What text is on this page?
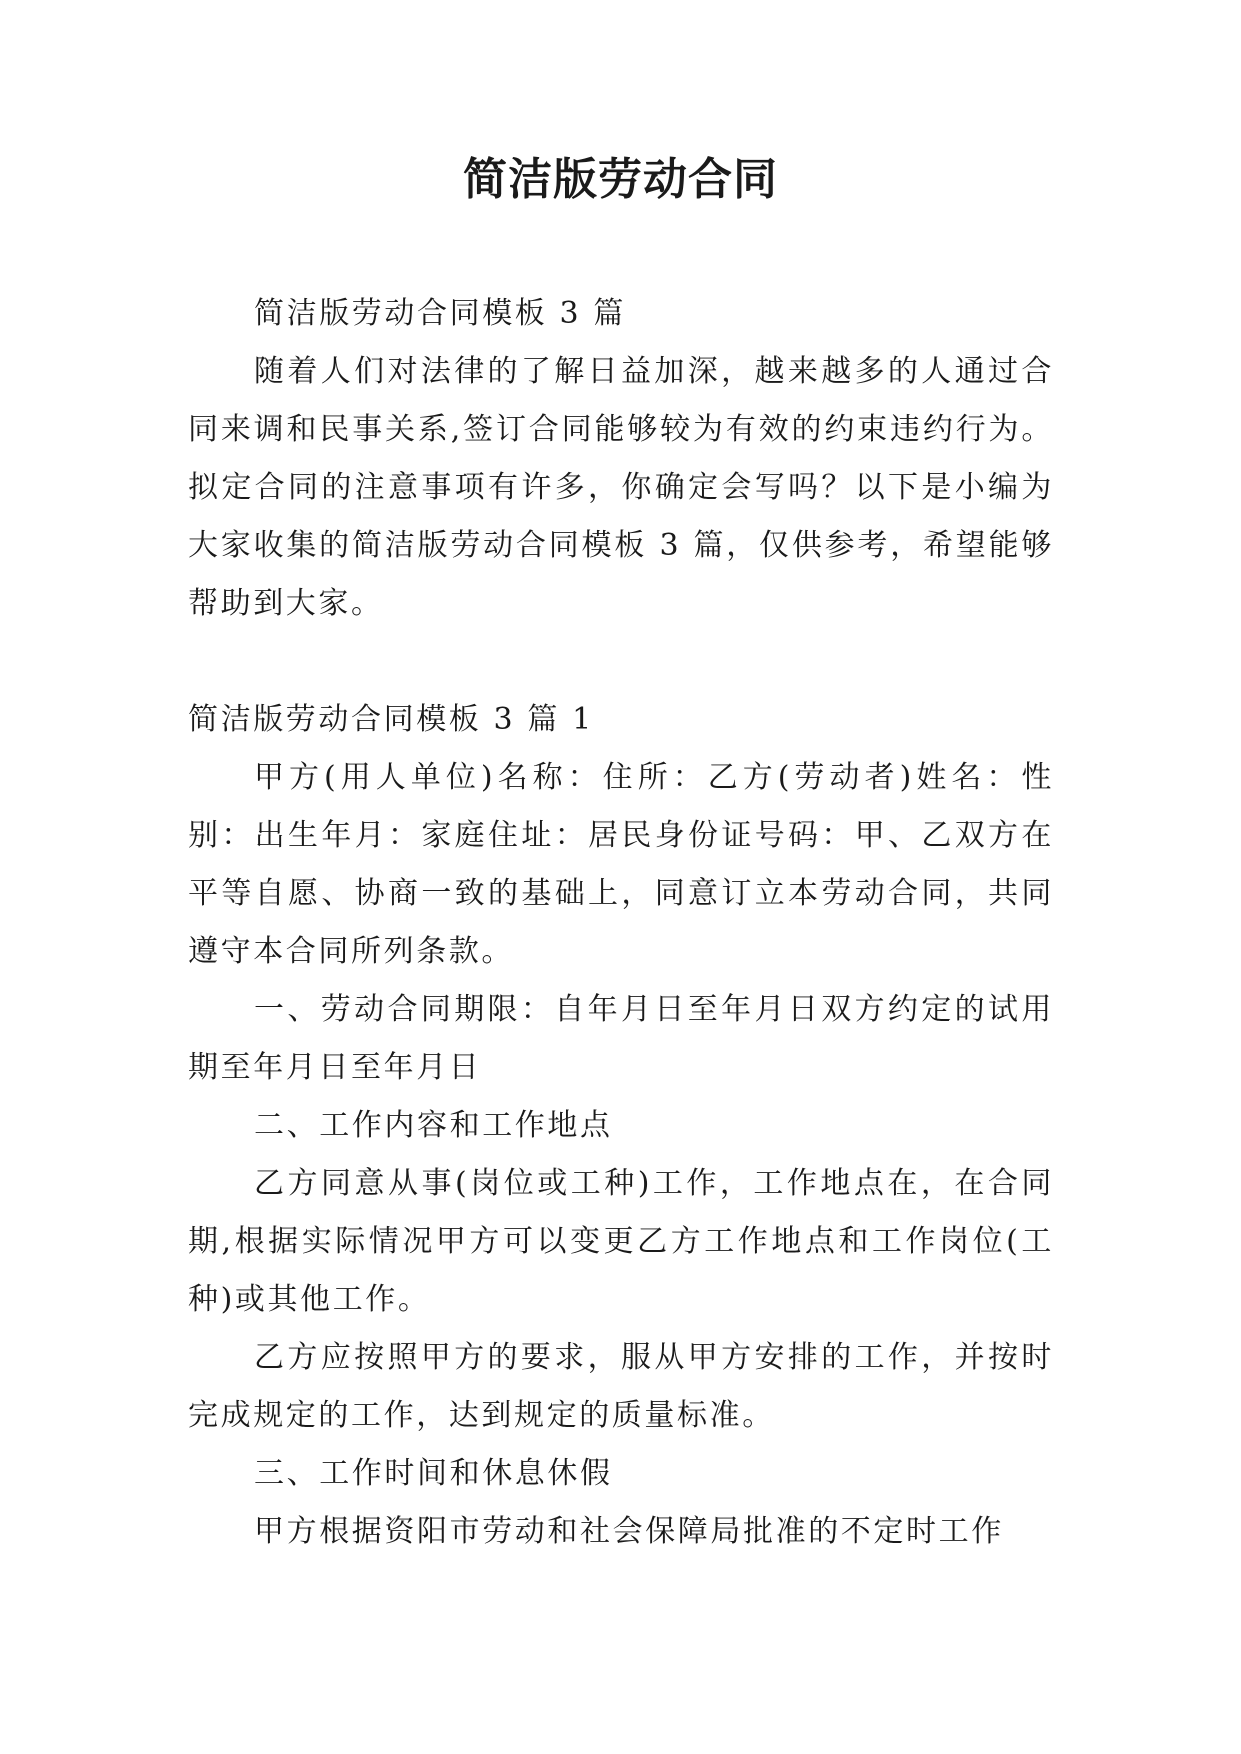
简洁版劳动合同

简洁版劳动合同模板 3 篇

随着人们对法律的了解日益加深，越来越多的人通过合同来调和民事关系,签订合同能够较为有效的约束违约行为。拟定合同的注意事项有许多，你确定会写吗？以下是小编为大家收集的简洁版劳动合同模板 3 篇，仅供参考，希望能够帮助到大家。

简洁版劳动合同模板 3 篇 1

甲方(用人单位)名称：住所：乙方(劳动者)姓名：性别：出生年月：家庭住址：居民身份证号码：甲、乙双方在平等自愿、协商一致的基础上，同意订立本劳动合同，共同遵守本合同所列条款。

一、劳动合同期限：自年月日至年月日双方约定的试用期至年月日至年月日

二、工作内容和工作地点

乙方同意从事(岗位或工种)工作，工作地点在，在合同期,根据实际情况甲方可以变更乙方工作地点和工作岗位(工种)或其他工作。

乙方应按照甲方的要求，服从甲方安排的工作，并按时完成规定的工作，达到规定的质量标准。

三、工作时间和休息休假

甲方根据资阳市劳动和社会保障局批准的不定时工作
